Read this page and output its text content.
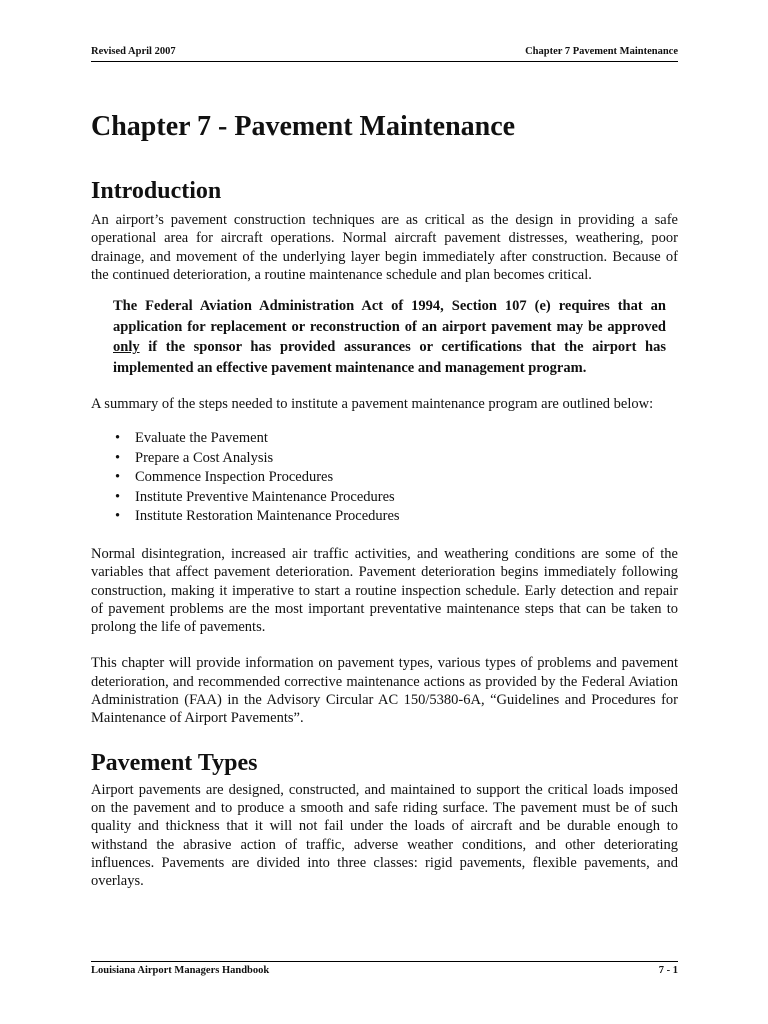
Revised April 2007	Chapter 7 Pavement Maintenance
Chapter 7 - Pavement Maintenance
Introduction

An airport’s pavement construction techniques are as critical as the design in providing a safe operational area for aircraft operations. Normal aircraft pavement distresses, weathering, poor drainage, and movement of the underlying layer begin immediately after construction. Because of the continued deterioration, a routine maintenance schedule and plan becomes critical.

The Federal Aviation Administration Act of 1994, Section 107 (e) requires that an application for replacement or reconstruction of an airport pavement may be approved only if the sponsor has provided assurances or certifications that the airport has implemented an effective pavement maintenance and management program.

A summary of the steps needed to institute a pavement maintenance program are outlined below:

• Evaluate the Pavement
• Prepare a Cost Analysis
• Commence Inspection Procedures
• Institute Preventive Maintenance Procedures
• Institute Restoration Maintenance Procedures

Normal disintegration, increased air traffic activities, and weathering conditions are some of the variables that affect pavement deterioration. Pavement deterioration begins immediately following construction, making it imperative to start a routine inspection schedule. Early detection and repair of pavement problems are the most important preventative maintenance steps that can be taken to prolong the life of pavements.

This chapter will provide information on pavement types, various types of problems and pavement deterioration, and recommended corrective maintenance actions as provided by the Federal Aviation Administration (FAA) in the Advisory Circular AC 150/5380-6A, “Guidelines and Procedures for Maintenance of Airport Pavements”.

Pavement Types

Airport pavements are designed, constructed, and maintained to support the critical loads imposed on the pavement and to produce a smooth and safe riding surface. The pavement must be of such quality and thickness that it will not fail under the loads of aircraft and be durable enough to withstand the abrasive action of traffic, adverse weather conditions, and other deteriorating influences. Pavements are divided into three classes: rigid pavements, flexible pavements, and overlays.

Louisiana Airport Managers Handbook	7 - 1
